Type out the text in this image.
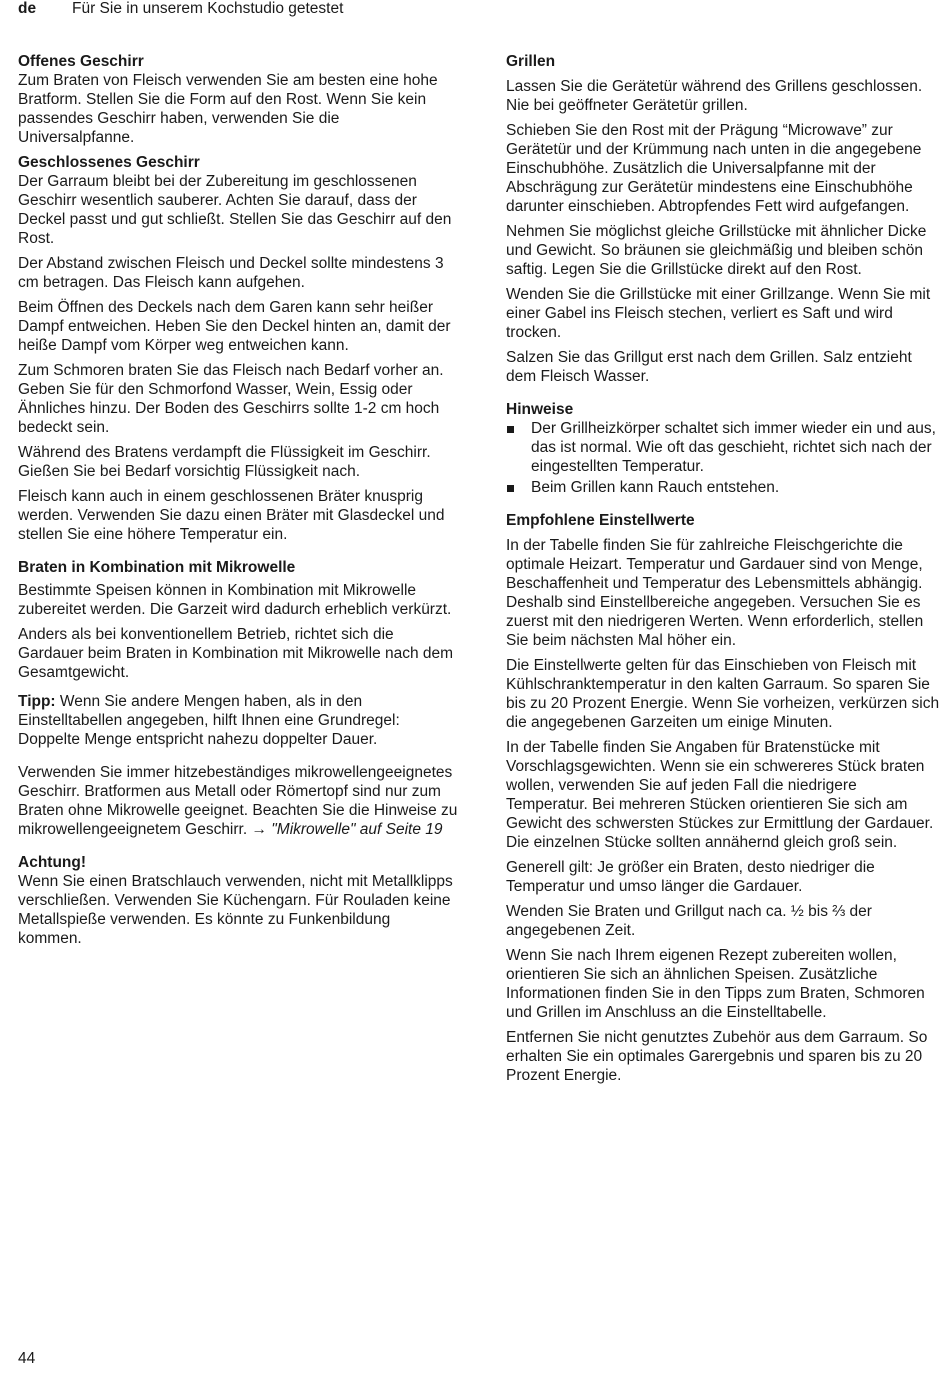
de Für Sie in unserem Kochstudio getestet
Offenes Geschirr

Zum Braten von Fleisch verwenden Sie am besten eine hohe Bratform. Stellen Sie die Form auf den Rost. Wenn Sie kein passendes Geschirr haben, verwenden Sie die Universalpfanne.

Geschlossenes Geschirr

Der Garraum bleibt bei der Zubereitung im geschlossenen Geschirr wesentlich sauberer. Achten Sie darauf, dass der Deckel passt und gut schließt. Stellen Sie das Geschirr auf den Rost.

Der Abstand zwischen Fleisch und Deckel sollte mindestens 3 cm betragen. Das Fleisch kann aufgehen.

Beim Öffnen des Deckels nach dem Garen kann sehr heißer Dampf entweichen. Heben Sie den Deckel hinten an, damit der heiße Dampf vom Körper weg entweichen kann.

Zum Schmoren braten Sie das Fleisch nach Bedarf vorher an. Geben Sie für den Schmorfond Wasser, Wein, Essig oder Ähnliches hinzu. Der Boden des Geschirrs sollte 1-2 cm hoch bedeckt sein.

Während des Bratens verdampft die Flüssigkeit im Geschirr. Gießen Sie bei Bedarf vorsichtig Flüssigkeit nach.

Fleisch kann auch in einem geschlossenen Bräter knusprig werden. Verwenden Sie dazu einen Bräter mit Glasdeckel und stellen Sie eine höhere Temperatur ein.

Braten in Kombination mit Mikrowelle

Bestimmte Speisen können in Kombination mit Mikrowelle zubereitet werden. Die Garzeit wird dadurch erheblich verkürzt.

Anders als bei konventionellem Betrieb, richtet sich die Gardauer beim Braten in Kombination mit Mikrowelle nach dem Gesamtgewicht.

Tipp: Wenn Sie andere Mengen haben, als in den Einstelltabellen angegeben, hilft Ihnen eine Grundregel: Doppelte Menge entspricht nahezu doppelter Dauer.

Verwenden Sie immer hitzebeständiges mikrowellengeeignetes Geschirr. Bratformen aus Metall oder Römertopf sind nur zum Braten ohne Mikrowelle geeignet. Beachten Sie die Hinweise zu mikrowellengeeignetem Geschirr. → "Mikrowelle" auf Seite 19

Achtung!

Wenn Sie einen Bratschlauch verwenden, nicht mit Metallklipps verschließen. Verwenden Sie Küchengarn. Für Rouladen keine Metallspieße verwenden. Es könnte zu Funkenbildung kommen.

Grillen

Lassen Sie die Gerätetür während des Grillens geschlossen. Nie bei geöffneter Gerätetür grillen.

Schieben Sie den Rost mit der Prägung “Microwave” zur Gerätetür und der Krümmung nach unten in die angegebene Einschubhöhe. Zusätzlich die Universalpfanne mit der Abschrägung zur Gerätetür mindestens eine Einschubhöhe darunter einschieben. Abtropfendes Fett wird aufgefangen.

Nehmen Sie möglichst gleiche Grillstücke mit ähnlicher Dicke und Gewicht. So bräunen sie gleichmäßig und bleiben schön saftig. Legen Sie die Grillstücke direkt auf den Rost.

Wenden Sie die Grillstücke mit einer Grillzange. Wenn Sie mit einer Gabel ins Fleisch stechen, verliert es Saft und wird trocken.

Salzen Sie das Grillgut erst nach dem Grillen. Salz entzieht dem Fleisch Wasser.

Hinweise
Der Grillheizkörper schaltet sich immer wieder ein und aus, das ist normal. Wie oft das geschieht, richtet sich nach der eingestellten Temperatur.
Beim Grillen kann Rauch entstehen.
Empfohlene Einstellwerte

In der Tabelle finden Sie für zahlreiche Fleischgerichte die optimale Heizart. Temperatur und Gardauer sind von Menge, Beschaffenheit und Temperatur des Lebensmittels abhängig. Deshalb sind Einstellbereiche angegeben. Versuchen Sie es zuerst mit den niedrigeren Werten. Wenn erforderlich, stellen Sie beim nächsten Mal höher ein.

Die Einstellwerte gelten für das Einschieben von Fleisch mit Kühlschranktemperatur in den kalten Garraum. So sparen Sie bis zu 20 Prozent Energie. Wenn Sie vorheizen, verkürzen sich die angegebenen Garzeiten um einige Minuten.

In der Tabelle finden Sie Angaben für Bratenstücke mit Vorschlagsgewichten. Wenn sie ein schwereres Stück braten wollen, verwenden Sie auf jeden Fall die niedrigere Temperatur. Bei mehreren Stücken orientieren Sie sich am Gewicht des schwersten Stückes zur Ermittlung der Gardauer. Die einzelnen Stücke sollten annähernd gleich groß sein.

Generell gilt: Je größer ein Braten, desto niedriger die Temperatur und umso länger die Gardauer.

Wenden Sie Braten und Grillgut nach ca. ½ bis ⅔ der angegebenen Zeit.

Wenn Sie nach Ihrem eigenen Rezept zubereiten wollen, orientieren Sie sich an ähnlichen Speisen. Zusätzliche Informationen finden Sie in den Tipps zum Braten, Schmoren und Grillen im Anschluss an die Einstelltabelle.

Entfernen Sie nicht genutztes Zubehör aus dem Garraum. So erhalten Sie ein optimales Garergebnis und sparen bis zu 20 Prozent Energie.

44
